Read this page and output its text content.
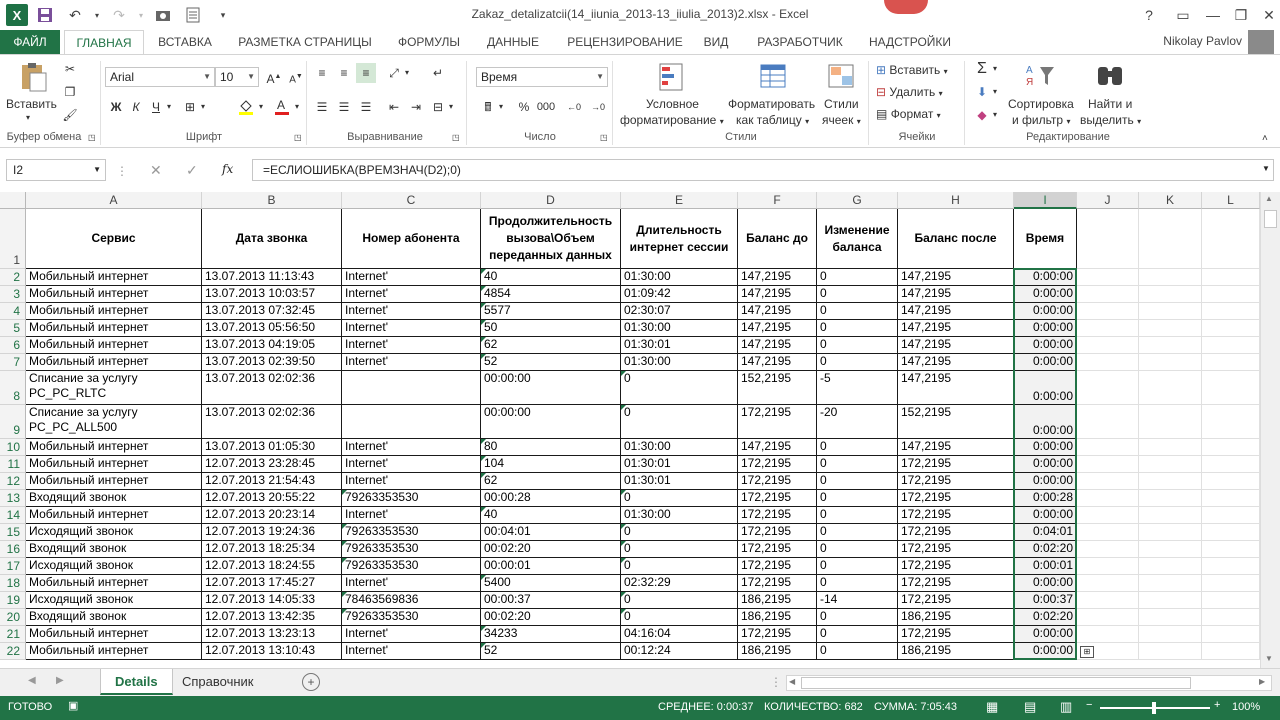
X	↶	▾	↷	▾	▾	Zakaz_detalizatcii(14_iiunia_2013-13_iiulia_2013)2.xlsx - Excel	?	▭	—	❐	✕
ФАЙЛ	ГЛАВНАЯ	ВСТАВКА	РАЗМЕТКА СТРАНИЦЫ	ФОРМУЛЫ	ДАННЫЕ	РЕЦЕНЗИРОВАНИЕ	ВИД	РАЗРАБОТЧИК	НАДСТРОЙКИ	Nikolay Pavlov
Вставить
▾
✂
❐
🖌
Буфер обмена ◳
Arial	▼ 10 ▼ A▲ A▼
Ж К	Ч ▾	⊞ ▾	▾ A	▾
Шрифт	◳
≡	≡	≡	⤢ ▾	↵
☰ ☰ ☰	⇤ ⇥ ⊟ ▾
Выравнивание	◳
Время	▼
🖩 ▾	% 000	←0	→0
Число	◳
Условное
форматирование ▾
Форматировать
как таблицу ▾
Стили
ячеек ▾
Стили
⊞ Вставить ▾
⊟ Удалить ▾
▤ Формат ▾
Ячейки
Σ ▾
⬇ ▾
◆ ▾
А
Я
Сортировка
и фильтр ▾
Найти и
выделить ▾
Редактирование	˄
I2	▼ ⋮ ✕ ✓ fx	=ЕСЛИОШИБКА(ВРЕМЗНАЧ(D2);0)	▼
A	B	C	D	E	F	G	H	I	J	K	L
1
Сервис	Дата звонка	Номер абонента
Продолжительность вызова\Объем переданных данных
Длительность интернет сессии
Баланс до
Изменение баланса
Баланс после	Время
2 Мобильный интернет	13.07.2013 11:13:43	Internet'	40	01:30:00	147,2195	0	147,2195	0:00:00
3 Мобильный интернет	13.07.2013 10:03:57	Internet'	4854	01:09:42	147,2195	0	147,2195	0:00:00
4 Мобильный интернет	13.07.2013 07:32:45	Internet'	5577	02:30:07	147,2195	0	147,2195	0:00:00
5 Мобильный интернет	13.07.2013 05:56:50	Internet'	50	01:30:00	147,2195	0	147,2195	0:00:00
6 Мобильный интернет	13.07.2013 04:19:05	Internet'	62	01:30:01	147,2195	0	147,2195	0:00:00
7 Мобильный интернет	13.07.2013 02:39:50	Internet'	52	01:30:00	147,2195	0	147,2195	0:00:00
8
Списание за услугу PC_PC_RLTC
13.07.2013 02:02:36	00:00:00	0	152,2195	-5	147,2195
0:00:00
9
Списание за услугу PC_PC_ALL500
13.07.2013 02:02:36	00:00:00	0	172,2195	-20	152,2195
0:00:00
10 Мобильный интернет	13.07.2013 01:05:30	Internet'	80	01:30:00	147,2195	0	147,2195	0:00:00
11 Мобильный интернет	12.07.2013 23:28:45	Internet'	104	01:30:01	172,2195	0	172,2195	0:00:00
12 Мобильный интернет	12.07.2013 21:54:43	Internet'	62	01:30:01	172,2195	0	172,2195	0:00:00
13 Входящий звонок	12.07.2013 20:55:22	79263353530	00:00:28	0	172,2195	0	172,2195	0:00:28
14 Мобильный интернет	12.07.2013 20:23:14	Internet'	40	01:30:00	172,2195	0	172,2195	0:00:00
15 Исходящий звонок	12.07.2013 19:24:36	79263353530	00:04:01	0	172,2195	0	172,2195	0:04:01
16 Входящий звонок	12.07.2013 18:25:34	79263353530	00:02:20	0	172,2195	0	172,2195	0:02:20
17 Исходящий звонок	12.07.2013 18:24:55	79263353530	00:00:01	0	172,2195	0	172,2195	0:00:01
18 Мобильный интернет	12.07.2013 17:45:27	Internet'	5400	02:32:29	172,2195	0	172,2195	0:00:00
19 Исходящий звонок	12.07.2013 14:05:33	78463569836	00:00:37	0	186,2195	-14	172,2195	0:00:37
20 Входящий звонок	12.07.2013 13:42:35	79263353530	00:02:20	0	186,2195	0	186,2195	0:02:20
21 Мобильный интернет	12.07.2013 13:23:13	Internet'	34233	04:16:04	172,2195	0	172,2195	0:00:00
22 Мобильный интернет	12.07.2013 13:10:43	Internet'	52	00:12:24	186,2195	0	186,2195	0:00:00	⊞
▲
▼
◀ ▶	Details	Справочник	+	⋮ ◀	▶
ГОТОВО ▣	СРЕДНЕЕ: 0:00:37 КОЛИЧЕСТВО: 682 СУММА: 7:05:43 ▦ ▤ ▥ −	+ 100%
